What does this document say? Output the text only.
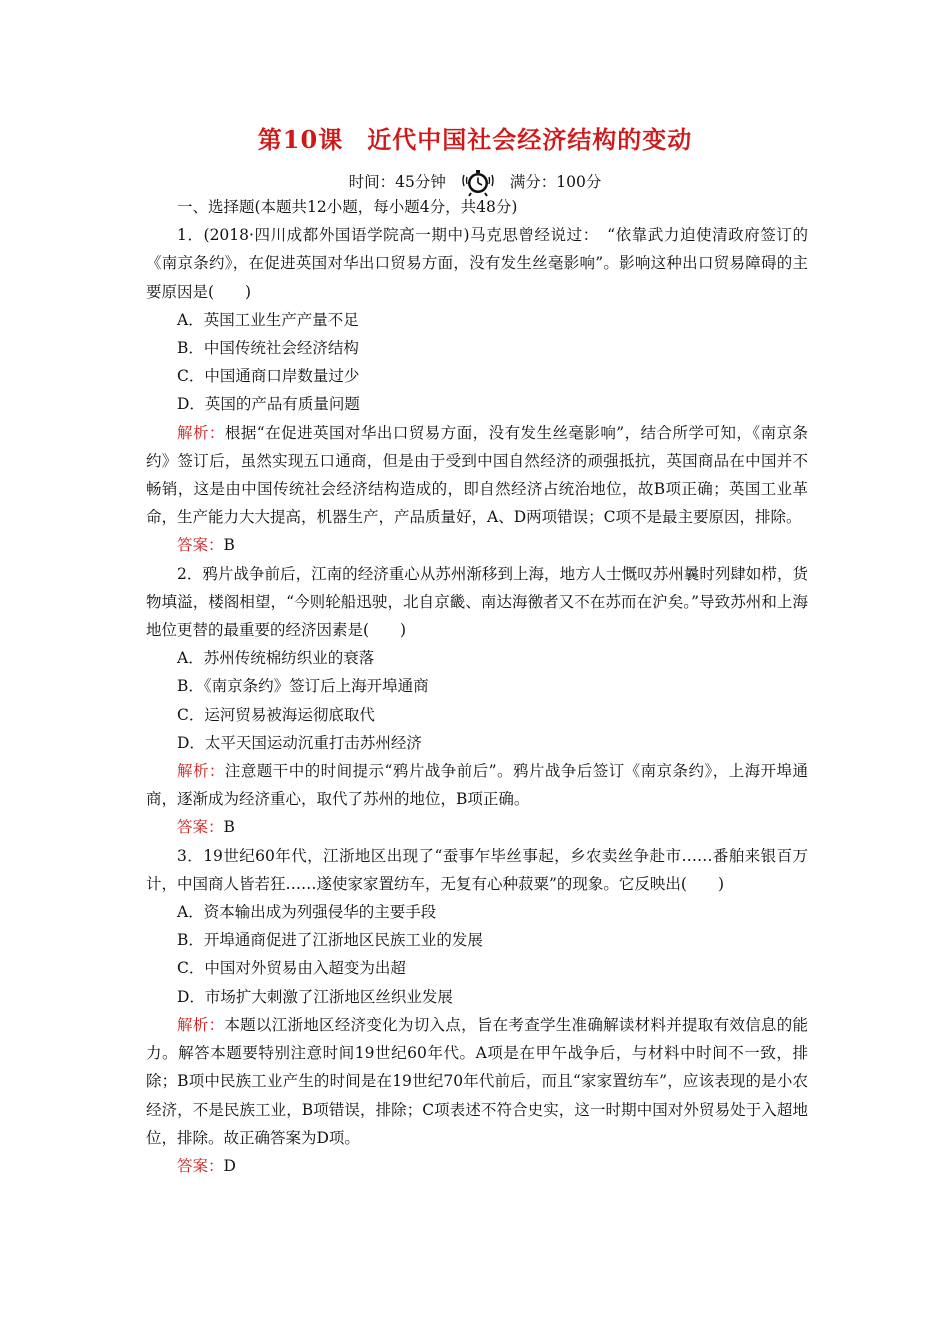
第10课 近代中国社会经济结构的变动
时间：45分钟	满分：100分

一、选择题(本题共12小题，每小题4分，共48分)

1．(2018·四川成都外国语学院高一期中)马克思曾经说过：　“依靠武力迫使清政府签订的《南京条约》，在促进英国对华出口贸易方面，没有发生丝毫影响”。影响这种出口贸易障碍的主要原因是(　　)

A．英国工业生产产量不足

B．中国传统社会经济结构

C．中国通商口岸数量过少

D．英国的产品有质量问题

解析：根据“在促进英国对华出口贸易方面，没有发生丝毫影响”，结合所学可知，《南京条约》签订后，虽然实现五口通商，但是由于受到中国自然经济的顽强抵抗，英国商品在中国并不畅销，这是由中国传统社会经济结构造成的，即自然经济占统治地位，故B项正确；英国工业革命，生产能力大大提高，机器生产，产品质量好，A、D两项错误；C项不是最主要原因，排除。

答案：B

2．鸦片战争前后，江南的经济重心从苏州渐移到上海，地方人士慨叹苏州曩时列肆如栉，货物填溢，楼阁相望，“今则轮船迅驶，北自京畿、南达海徼者又不在苏而在沪矣。”导致苏州和上海地位更替的最重要的经济因素是(　　)

A．苏州传统棉纺织业的衰落

B．《南京条约》签订后上海开埠通商

C．运河贸易被海运彻底取代

D．太平天国运动沉重打击苏州经济

解析：注意题干中的时间提示“鸦片战争前后”。鸦片战争后签订《南京条约》，上海开埠通商，逐渐成为经济重心，取代了苏州的地位，B项正确。

答案：B

3．19世纪60年代，江浙地区出现了“蚕事乍毕丝事起，乡农卖丝争赴市……番舶来银百万计，中国商人皆若狂……遂使家家置纺车，无复有心种菽粟”的现象。它反映出(　　)

A．资本输出成为列强侵华的主要手段

B．开埠通商促进了江浙地区民族工业的发展

C．中国对外贸易由入超变为出超

D．市场扩大刺激了江浙地区丝织业发展

解析：本题以江浙地区经济变化为切入点，旨在考查学生准确解读材料并提取有效信息的能力。解答本题要特别注意时间19世纪60年代。A项是在甲午战争后，与材料中时间不一致，排除；B项中民族工业产生的时间是在19世纪70年代前后，而且“家家置纺车”，应该表现的是小农经济，不是民族工业，B项错误，排除；C项表述不符合史实，这一时期中国对外贸易处于入超地位，排除。故正确答案为D项。

答案：D
